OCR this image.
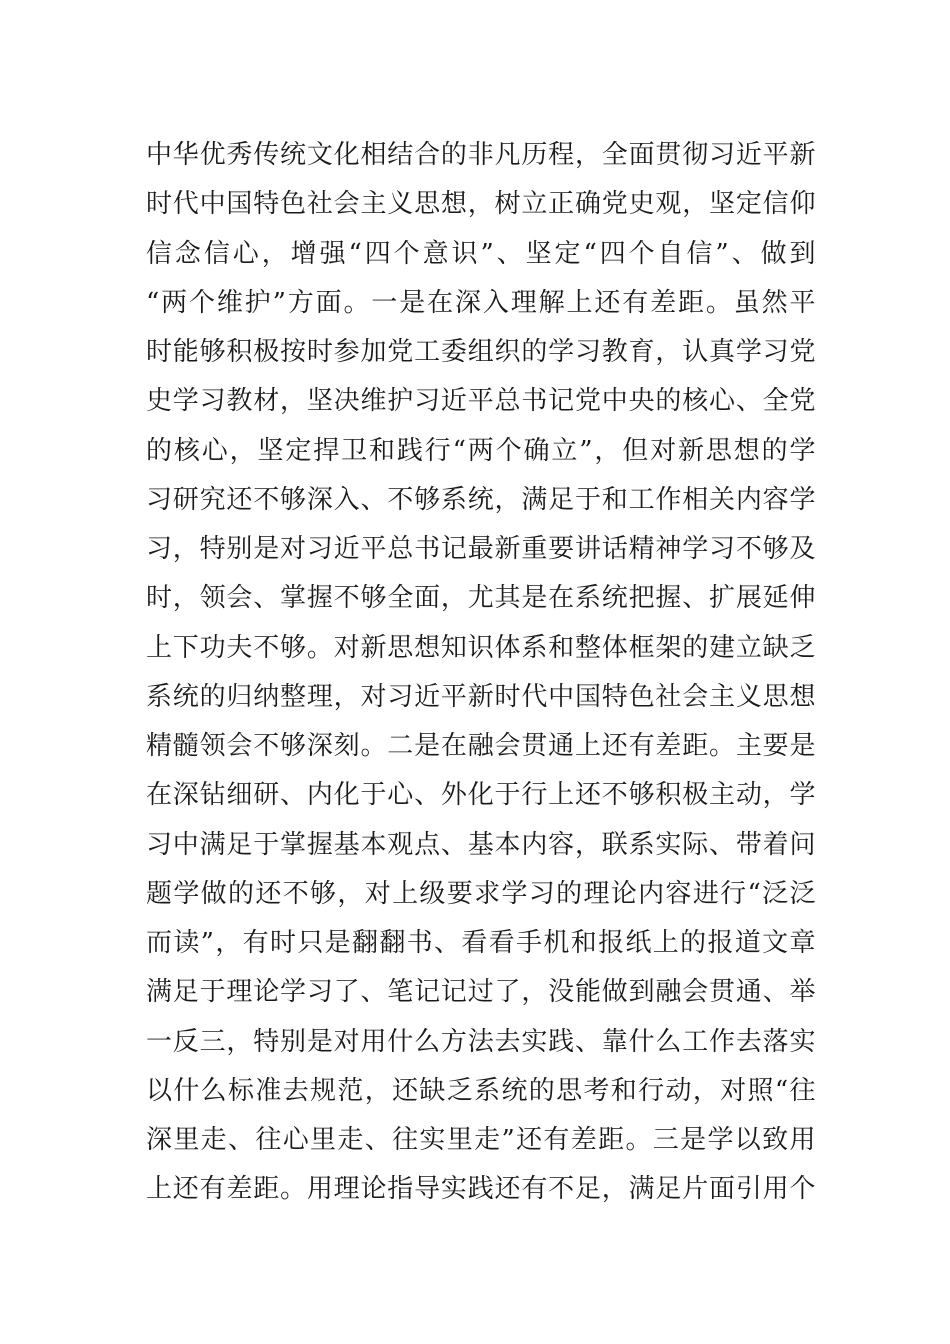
中华优秀传统文化相结合的非凡历程，全面贯彻习近平新
时代中国特色社会主义思想，树立正确党史观，坚定信仰
信念信心，增强“四个意识”、坚定“四个自信”、做到
“两个维护”方面。一是在深入理解上还有差距。虽然平
时能够积极按时参加党工委组织的学习教育，认真学习党
史学习教材，坚决维护习近平总书记党中央的核心、全党
的核心，坚定捍卫和践行“两个确立”，但对新思想的学
习研究还不够深入、不够系统，满足于和工作相关内容学
习，特别是对习近平总书记最新重要讲话精神学习不够及
时，领会、掌握不够全面，尤其是在系统把握、扩展延伸
上下功夫不够。对新思想知识体系和整体框架的建立缺乏
系统的归纳整理，对习近平新时代中国特色社会主义思想
精髓领会不够深刻。二是在融会贯通上还有差距。主要是
在深钻细研、内化于心、外化于行上还不够积极主动，学
习中满足于掌握基本观点、基本内容，联系实际、带着问
题学做的还不够，对上级要求学习的理论内容进行“泛泛
而读”，有时只是翻翻书、看看手机和报纸上的报道文章
满足于理论学习了、笔记记过了，没能做到融会贯通、举
一反三，特别是对用什么方法去实践、靠什么工作去落实
以什么标准去规范，还缺乏系统的思考和行动，对照“往
深里走、往心里走、往实里走”还有差距。三是学以致用
上还有差距。用理论指导实践还有不足，满足片面引用个
